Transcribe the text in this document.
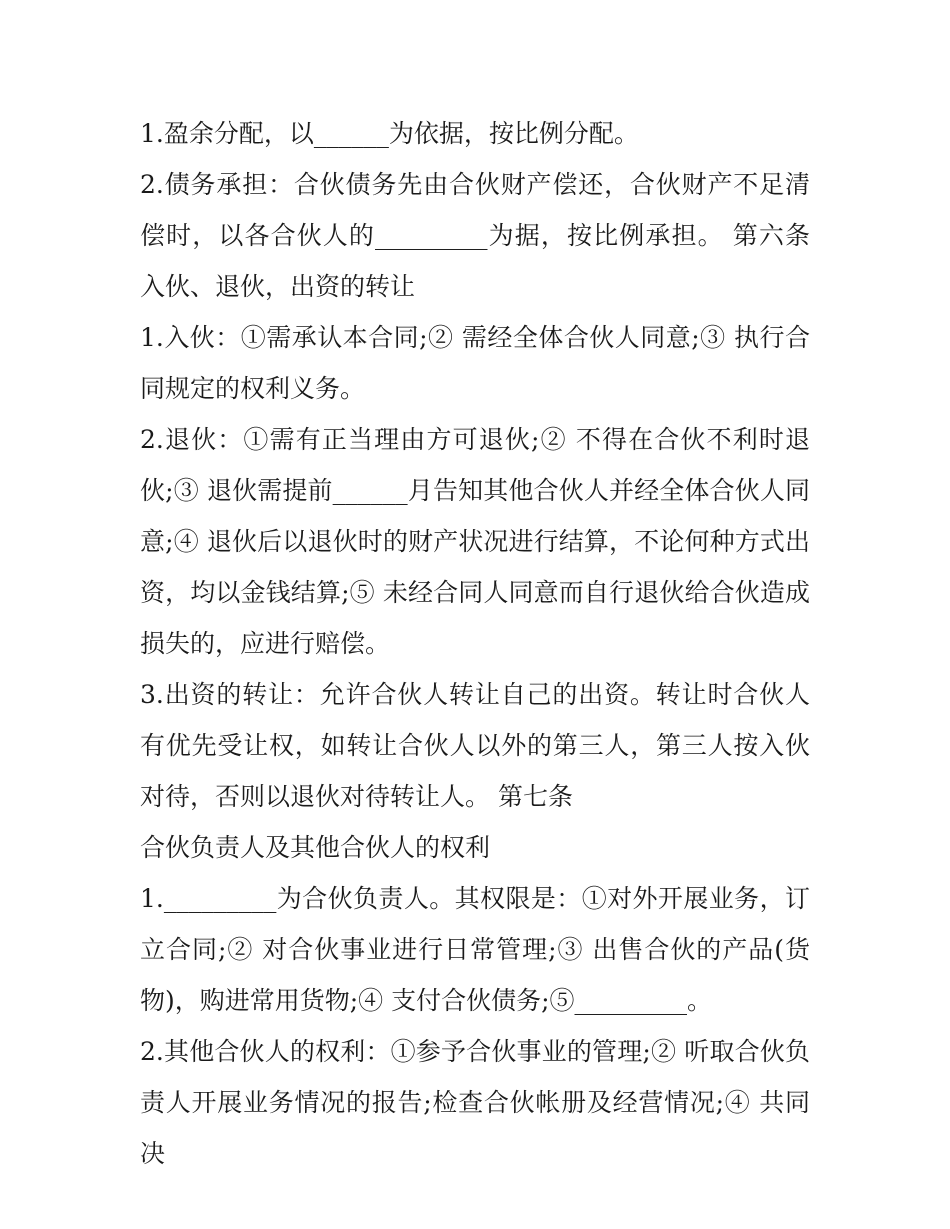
1.盈余分配，以______为依据，按比例分配。

2.债务承担：合伙债务先由合伙财产偿还，合伙财产不足清偿时，以各合伙人的_________为据，按比例承担。 第六条 入伙、退伙，出资的转让

1.入伙：①需承认本合同;② 需经全体合伙人同意;③ 执行合同规定的权利义务。

2.退伙：①需有正当理由方可退伙;② 不得在合伙不利时退伙;③ 退伙需提前______月告知其他合伙人并经全体合伙人同意;④ 退伙后以退伙时的财产状况进行结算，不论何种方式出资，均以金钱结算;⑤ 未经合同人同意而自行退伙给合伙造成损失的，应进行赔偿。

3.出资的转让：允许合伙人转让自己的出资。转让时合伙人有优先受让权，如转让合伙人以外的第三人，第三人按入伙对待，否则以退伙对待转让人。 第七条

合伙负责人及其他合伙人的权利

1._________为合伙负责人。其权限是：①对外开展业务，订立合同;② 对合伙事业进行日常管理;③ 出售合伙的产品(货物)，购进常用货物;④ 支付合伙债务;⑤_________。

2.其他合伙人的权利：①参予合伙事业的管理;② 听取合伙负责人开展业务情况的报告;检查合伙帐册及经营情况;④ 共同决
